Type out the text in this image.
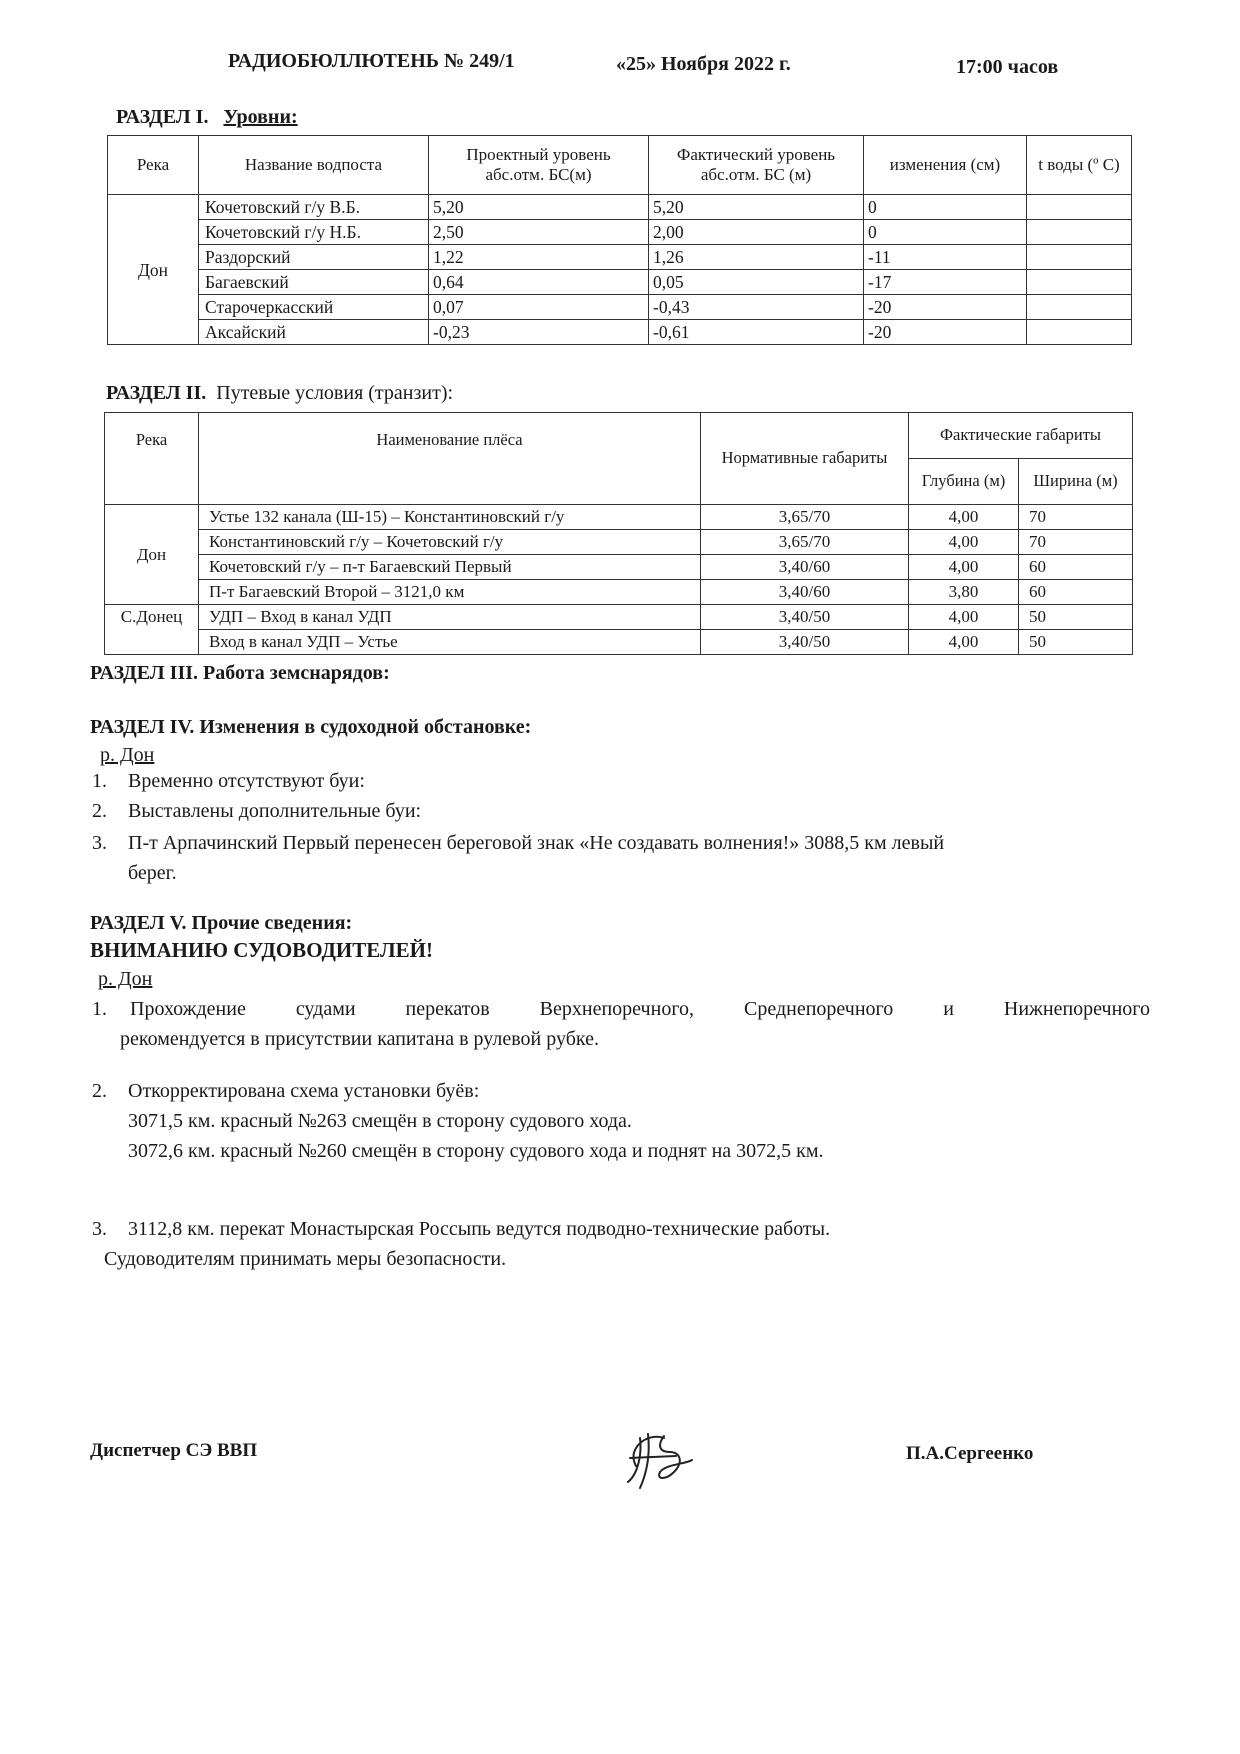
РАДИОБЮЛЛЮТЕНЬ № 249/1	«25» Ноября 2022 г.	17:00 часов
РАЗДЕЛ I. Уровни:
Река	Название водпоста	Проектный уровень абс.отм. БС(м)	Фактический уровень абс.отм. БС (м)	изменения (см)	t воды (º C)
Дон	Кочетовский г/у В.Б.	5,20	5,20	0	
	Кочетовский г/у Н.Б.	2,50	2,00	0	
	Раздорский	1,22	1,26	-11	
	Багаевский	0,64	0,05	-17	
	Старочеркасский	0,07	-0,43	-20	
	Аксайский	-0,23	-0,61	-20	
РАЗДЕЛ II. Путевые условия (транзит):
Река	Наименование плёса	Нормативные габариты	Фактические габариты	
			Глубина (м)	Ширина (м)
Дон	Устье 132 канала (Ш-15) – Константиновский г/у	3,65/70	4,00	70
	Константиновский г/у – Кочетовский г/у	3,65/70	4,00	70
	Кочетовский г/у – п-т Багаевский Первый	3,40/60	4,00	60
	П-т Багаевский Второй – 3121,0 км	3,40/60	3,80	60
С.Донец	УДП – Вход в канал УДП	3,40/50	4,00	50
	Вход в канал УДП – Устье	3,40/50	4,00	50
РАЗДЕЛ III. Работа земснарядов:
РАЗДЕЛ IV. Изменения в судоходной обстановке:
р. Дон
1. Временно отсутствуют буи:
2. Выставлены дополнительные буи:
3. П-т Арпачинский Первый перенесен береговой знак «Не создавать волнения!» 3088,5 км левый
берег.
РАЗДЕЛ V. Прочие сведения:
ВНИМАНИЮ СУДОВОДИТЕЛЕЙ!
р. Дон
1. Прохождение судами перекатов Верхнепоречного, Среднепоречного и Нижнепоречного
рекомендуется в присутствии капитана в рулевой рубке.
2. Откорректирована схема установки буёв:
3071,5 км. красный №263 смещён в сторону судового хода.
3072,6 км. красный №260 смещён в сторону судового хода и поднят на 3072,5 км.
3. 3112,8 км. перекат Монастырская Россыпь ведутся подводно-технические работы.
Судоводителям принимать меры безопасности.
Диспетчер СЭ ВВП	П.А.Сергеенко
